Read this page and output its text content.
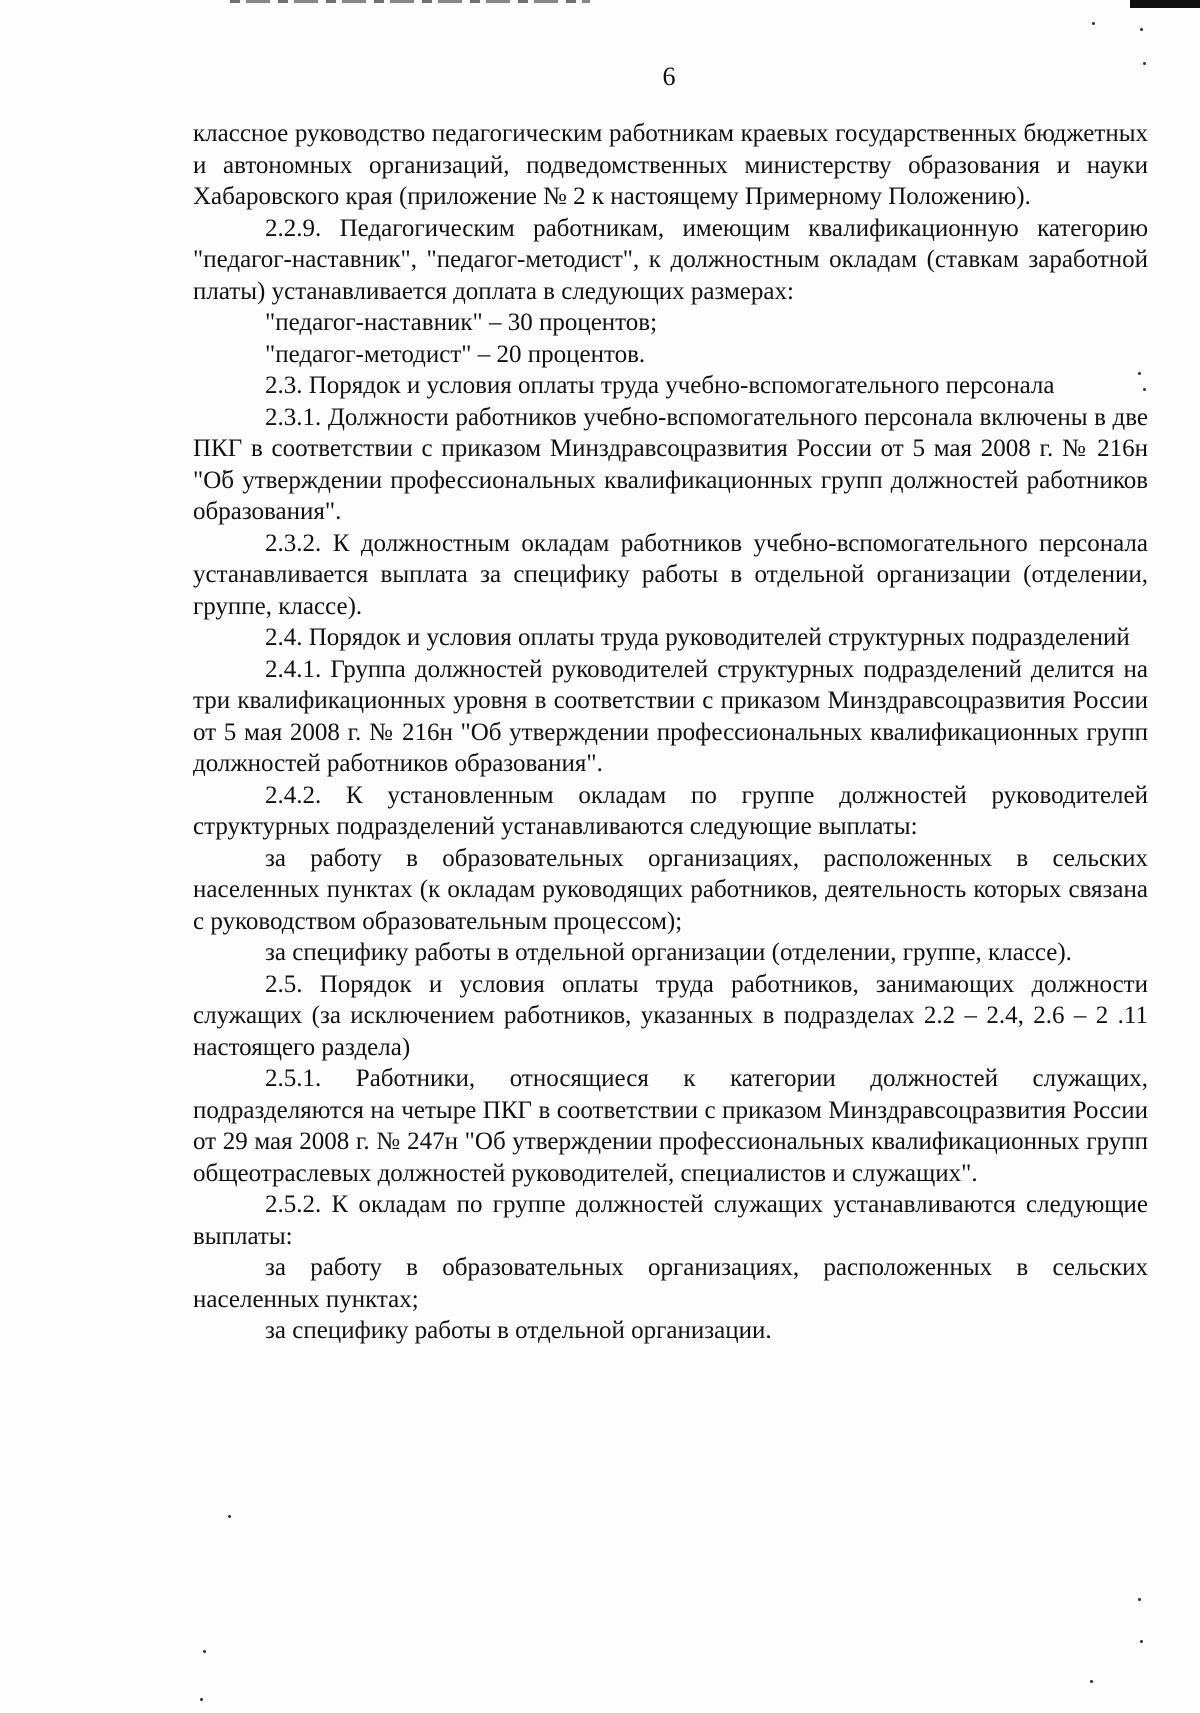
6

классное руководство педагогическим работникам краевых государственных бюджетных и автономных организаций, подведомственных министерству образования и науки Хабаровского края (приложение № 2 к настоящему Примерному Положению).

2.2.9. Педагогическим работникам, имеющим квалификационную категорию "педагог-наставник", "педагог-методист", к должностным окладам (ставкам заработной платы) устанавливается доплата в следующих размерах:

"педагог-наставник" – 30 процентов;

"педагог-методист" – 20 процентов.

2.3. Порядок и условия оплаты труда учебно-вспомогательного персонала

2.3.1. Должности работников учебно-вспомогательного персонала включены в две ПКГ в соответствии с приказом Минздравсоцразвития России от 5 мая 2008 г. № 216н "Об утверждении профессиональных квалификационных групп должностей работников образования".

2.3.2. К должностным окладам работников учебно-вспомогательного персонала устанавливается выплата за специфику работы в отдельной организации (отделении, группе, классе).

2.4. Порядок и условия оплаты труда руководителей структурных подразделений

2.4.1. Группа должностей руководителей структурных подразделений делится на три квалификационных уровня в соответствии с приказом Минздравсоцразвития России от 5 мая 2008 г. № 216н "Об утверждении профессиональных квалификационных групп должностей работников образования".

2.4.2. К установленным окладам по группе должностей руководителей структурных подразделений устанавливаются следующие выплаты:

за работу в образовательных организациях, расположенных в сельских населенных пунктах (к окладам руководящих работников, деятельность которых связана с руководством образовательным процессом);

за специфику работы в отдельной организации (отделении, группе, классе).

2.5. Порядок и условия оплаты труда работников, занимающих должности служащих (за исключением работников, указанных в подразделах 2.2 – 2.4, 2.6 – 2 .11 настоящего раздела)

2.5.1. Работники, относящиеся к категории должностей служащих, подразделяются на четыре ПКГ в соответствии с приказом Минздравсоцразвития России от 29 мая 2008 г. № 247н "Об утверждении профессиональных квалификационных групп общеотраслевых должностей руководителей, специалистов и служащих".

2.5.2. К окладам по группе должностей служащих устанавливаются следующие выплаты:

за работу в образовательных организациях, расположенных в сельских населенных пунктах;

за специфику работы в отдельной организации.
